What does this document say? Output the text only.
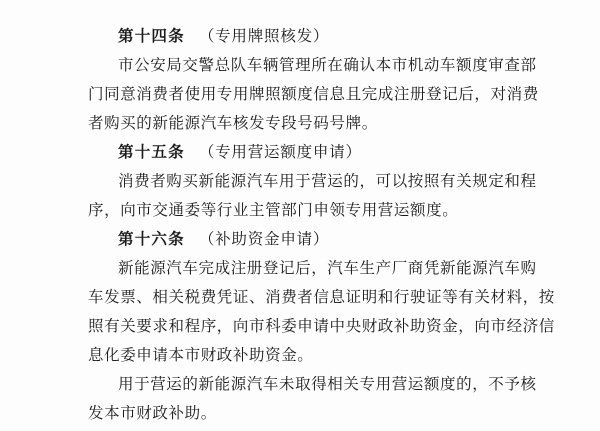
第十四条 （专用牌照核发）
市公安局交警总队车辆管理所在确认本市机动车额度审查部
门同意消费者使用专用牌照额度信息且完成注册登记后，对消费
者购买的新能源汽车核发专段号码号牌。
第十五条 （专用营运额度申请）
消费者购买新能源汽车用于营运的，可以按照有关规定和程
序，向市交通委等行业主管部门申领专用营运额度。
第十六条 （补助资金申请）
新能源汽车完成注册登记后，汽车生产厂商凭新能源汽车购
车发票、相关税费凭证、消费者信息证明和行驶证等有关材料，按
照有关要求和程序，向市科委申请中央财政补助资金，向市经济信
息化委申请本市财政补助资金。
用于营运的新能源汽车未取得相关专用营运额度的，不予核
发本市财政补助。
